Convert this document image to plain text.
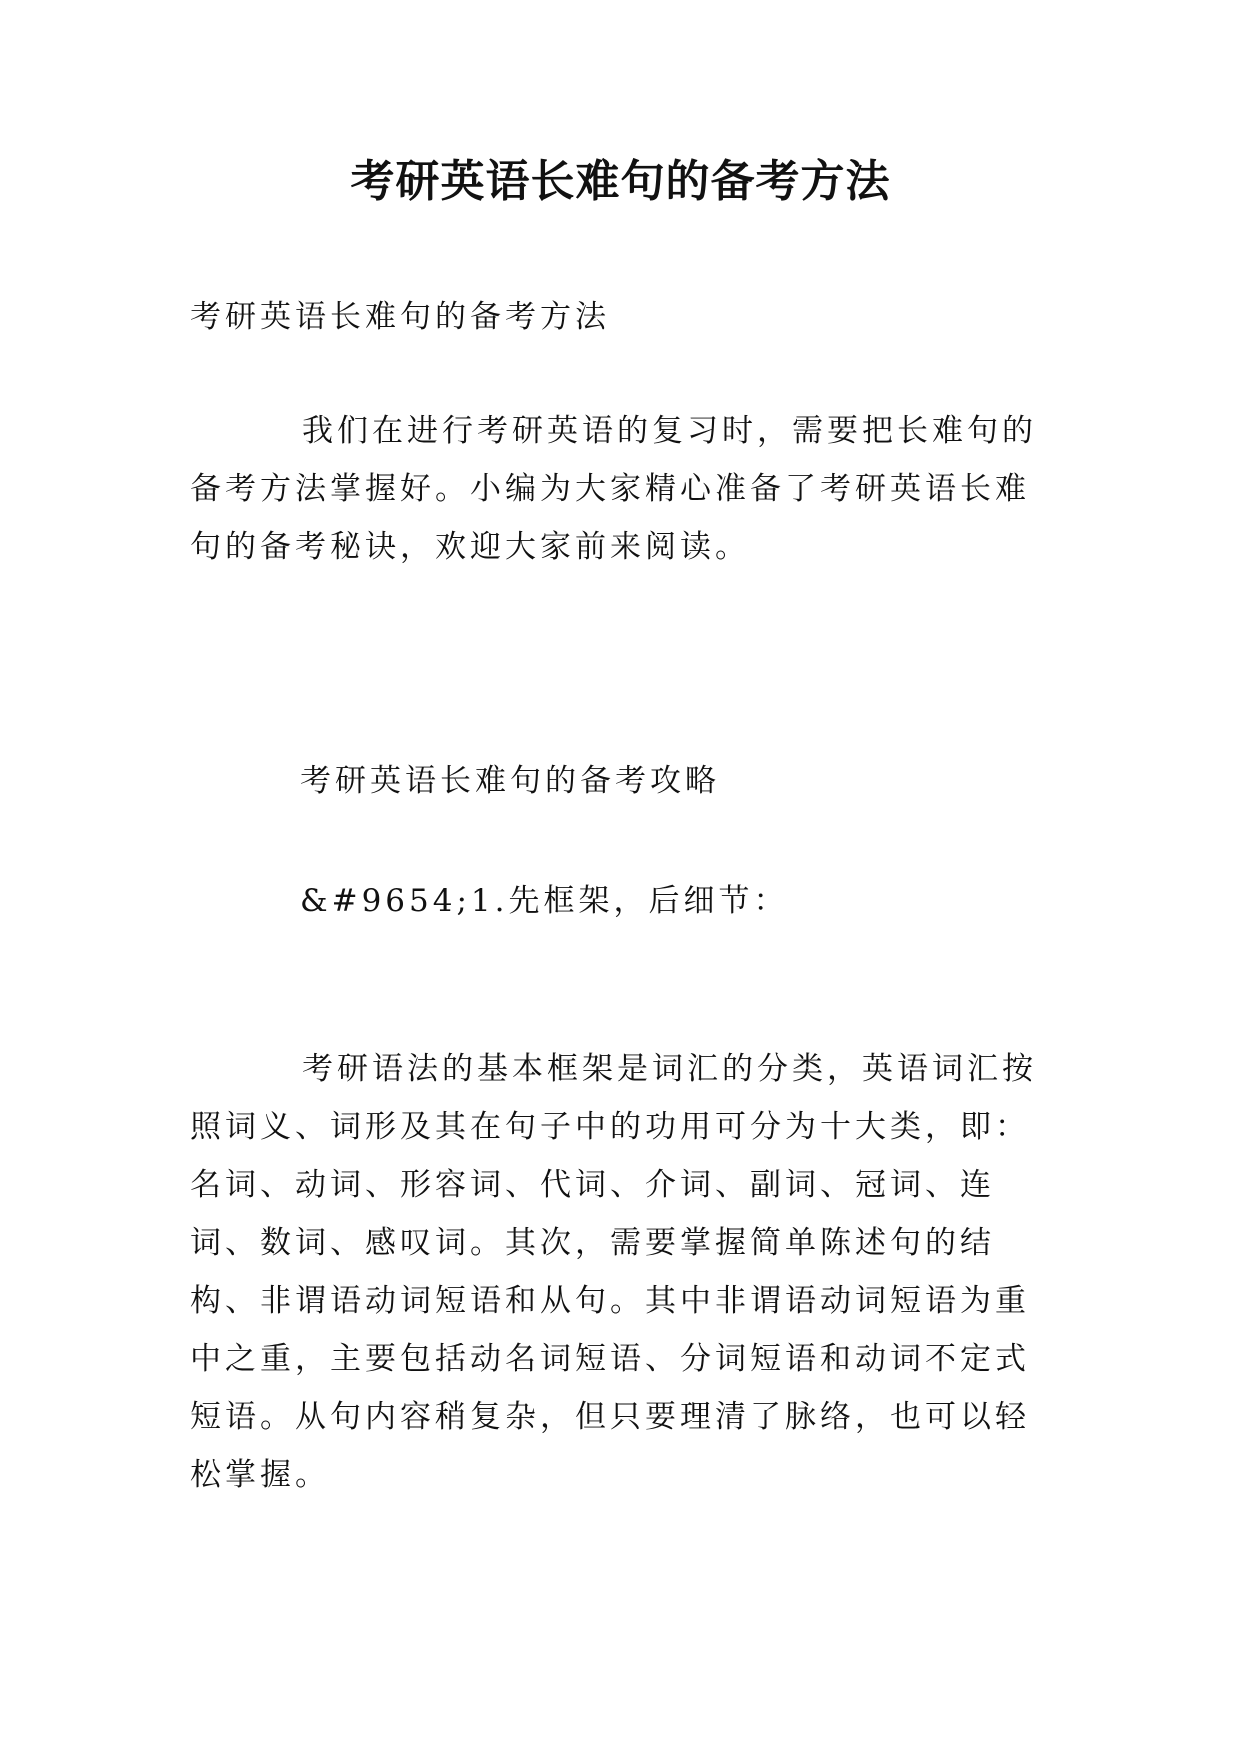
考研英语长难句的备考方法

考研英语长难句的备考方法

我们在进行考研英语的复习时，需要把长难句的备考方法掌握好。小编为大家精心准备了考研英语长难句的备考秘诀，欢迎大家前来阅读。

考研英语长难句的备考攻略

&#9654;1.先框架，后细节：

考研语法的基本框架是词汇的分类，英语词汇按照词义、词形及其在句子中的功用可分为十大类，即：名词、动词、形容词、代词、介词、副词、冠词、连词、数词、感叹词。其次，需要掌握简单陈述句的结构、非谓语动词短语和从句。其中非谓语动词短语为重中之重，主要包括动名词短语、分词短语和动词不定式短语。从句内容稍复杂，但只要理清了脉络，也可以轻松掌握。
